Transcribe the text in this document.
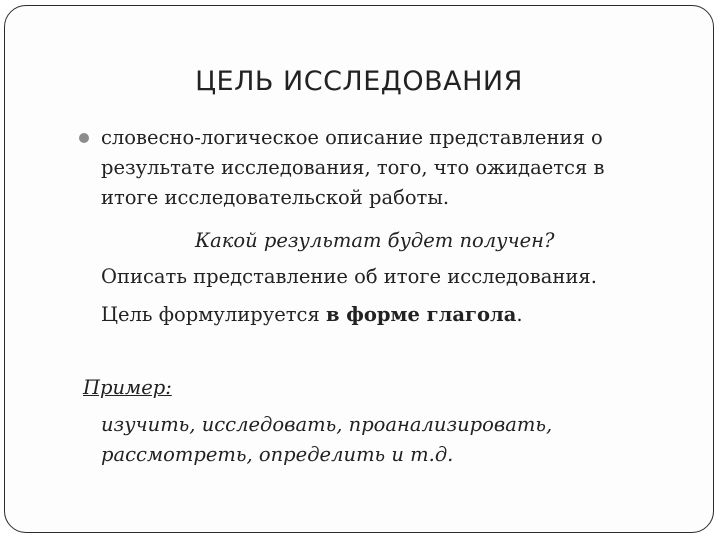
ЦЕЛЬ ИССЛЕДОВАНИЯ
словесно-логическое описание представления о
результате исследования, того, что ожидается в
итоге исследовательской работы.
Какой результат будет получен?
Описать представление об итоге исследования.
Цель формулируется в форме глагола.
Пример:
изучить, исследовать, проанализировать,
рассмотреть, определить и т.д.
